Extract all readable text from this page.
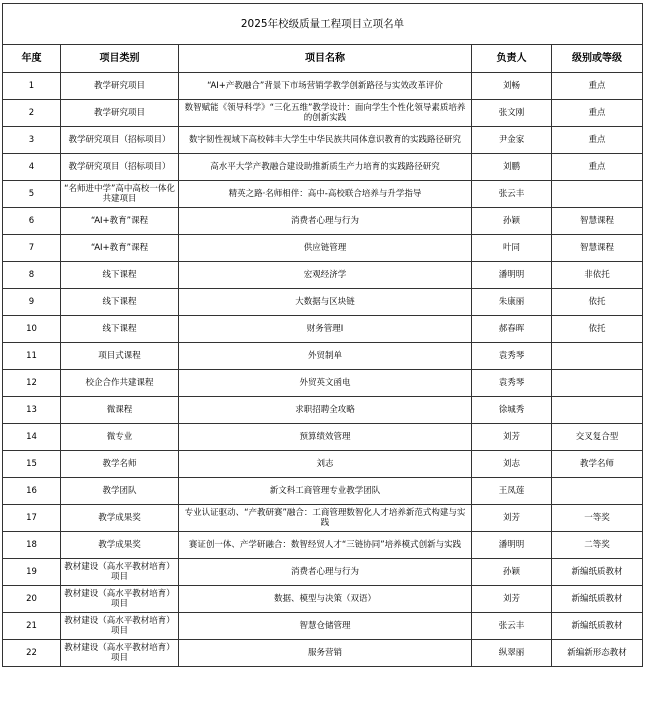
2025年校级质量工程项目立项名单				
年度	项目类别	项目名称	负责人	级别或等级
1	教学研究项目	“AI+产教融合”背景下市场营销学教学创新路径与实效改革评价	刘畅	重点
2	教学研究项目	数智赋能《领导科学》“三化五维”教学设计：面向学生个性化领导素质培养的创新实践	张文刚	重点
3	教学研究项目（招标项目）	数字韧性视域下高校韩丰大学生中华民族共同体意识教育的实践路径研究	尹金家	重点
4	教学研究项目（招标项目）	高水平大学产教融合建设助推新质生产力培育的实践路径研究	刘鹏	重点
5	“名师进中学”高中高校一体化共建项目	精英之路·名师相伴：高中-高校联合培养与升学指导	张云丰	
6	“AI+教育”课程	消费者心理与行为	孙颖	智慧课程
7	“AI+教育”课程	供应链管理	叶同	智慧课程
8	线下课程	宏观经济学	潘明明	非依托
9	线下课程	大数据与区块链	朱康丽	依托
10	线下课程	财务管理I	郝春晖	依托
11	项目式课程	外贸制单	袁秀琴	
12	校企合作共建课程	外贸英文函电	袁秀琴	
13	微课程	求职招聘全攻略	徐城秀	
14	微专业	预算绩效管理	刘芳	交叉复合型
15	教学名师	刘志	刘志	教学名师
16	教学团队	新文科工商管理专业教学团队	王凤莲	
17	教学成果奖	专业认证驱动、“产教研赛”融合：工商管理数智化人才培养新范式构建与实践	刘芳	一等奖
18	教学成果奖	赛证创一体、产学研融合：数智经贸人才“三链协同”培养模式创新与实践	潘明明	二等奖
19	教材建设（高水平教材培育）项目	消费者心理与行为	孙颖	新编纸质教材
20	教材建设（高水平教材培育）项目	数据、模型与决策（双语）	刘芳	新编纸质教材
21	教材建设（高水平教材培育）项目	智慧仓储管理	张云丰	新编纸质教材
22	教材建设（高水平教材培育）项目	服务营销	纵翠丽	新编新形态教材
